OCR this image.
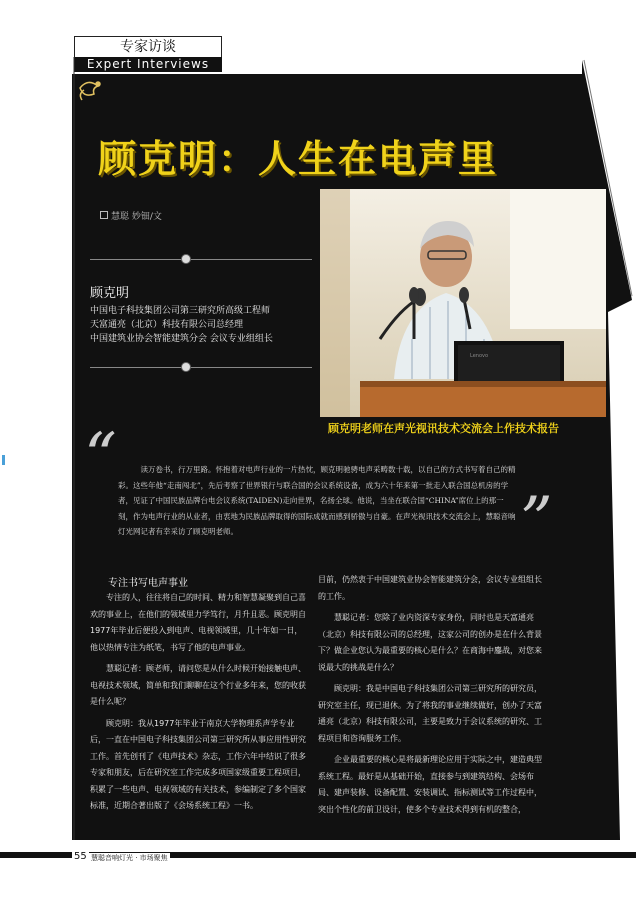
专家访谈
Expert Interviews
顾克明：人生在电声里
慧聪 妙钿/文
顾克明
中国电子科技集团公司第三研究所高级工程师
天富通亮（北京）科技有限公司总经理
中国建筑业协会智能建筑分会 会议专业组组长
Lenovo
顾克明老师在声光视讯技术交流会上作技术报告
“	读万卷书，行万里路。怀抱着对电声行业的一片热忱，顾克明驰骋电声采畴数十载，以自己的方式书写着自己的精彩。这些年他“走南闯北”，先后考察了世界银行与联合国的会议系统设备，成为六十年来第一批走入联合国总机房的学者，见证了中国民族品牌台电会议系统(TAIDEN)走向世界，名扬全球。他说，当坐在联合国“CHINA”席位上的那一刻，作为电声行业的从业者，由衷地为民族品牌取得的国际成就而感到骄傲与自豪。在声光视讯技术交流会上，慧聪音响灯光网记者有幸采访了顾克明老师。	”
专注书写电声事业

专注的人，往往将自己的时间、精力和智慧凝聚到自己喜欢的事业上，在他们的领域里力学笃行，月升且恶。顾克明自1977年毕业后便投入到电声、电视领域里，几十年如一日，他以热情专注为纸笔，书写了他的电声事业。

慧聪记者：顾老师，请问您是从什么时候开始接触电声、电视技术领域，简单和我们聊聊在这个行业多年来，您的收获是什么呢？

顾克明：我从1977年毕业于南京大学物理系声学专业后，一直在中国电子科技集团公司第三研究所从事应用性研究工作。首先创刊了《电声技术》杂志，工作六年中结识了很多专家和朋友，后在研究室工作完成多项国家级重要工程项目，积累了一些电声、电视领域的有关技术，参编制定了多个国家标准，近期合著出版了《会场系统工程》一书。

目前，仍然衷于中国建筑业协会智能建筑分会，会议专业组组长的工作。

慧聪记者：您除了业内资深专家身份，同时也是天富通亮（北京）科技有限公司的总经理，这家公司的创办是在什么背景下？做企业您认为最重要的核心是什么？在商海中鏖战，对您来说最大的挑战是什么？

顾克明：我是中国电子科技集团公司第三研究所的研究员，研究室主任，现已退休。为了将我的事业继续做好，创办了天富通亮（北京）科技有限公司，主要是致力于会议系统的研究、工程项目和咨询服务工作。

企业最重要的核心是将最新理论应用于实际之中，建造典型系统工程。最好是从基础开始，直接参与到建筑结构、会场布局、建声装修、设备配置、安装调试、指标测试等工作过程中，突出个性化的前卫设计，使多个专业技术得到有机的整合，

55 慧聪音响灯光 · 市场聚焦
